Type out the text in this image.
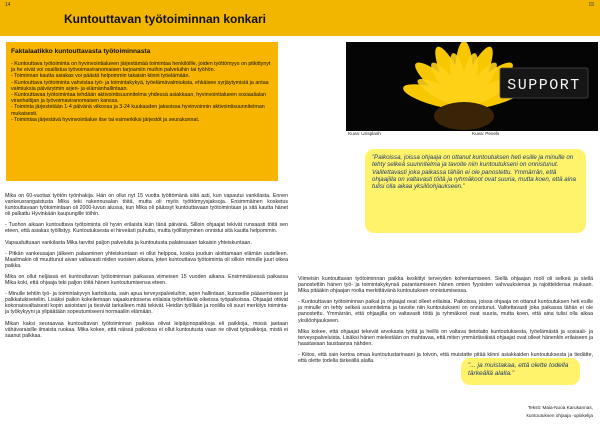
14	15
Kuntouttavan työtoiminnan konkari
Faktalaatikko kuntouttavasta työtoiminnasta
- Kuntouttava työtoiminta on hyvinvointialueen järjestämää toimintaa henkilöille, joiden työttömyys on pitkittynyt ja he eivät voi osallistua työvoimaviranomaisen tarjoamiin muihin palveluihin tai työhön.
- Toiminnan kautta asiakas voi päästä helpommin takaisin kiinni työelämään.
- Kuntouttava työtoiminta vahvistaa työ- ja toimintakykyä, työelämävalmiuksia, ehkäisee syrjäytymistä ja antaa valmiuksia päivärytmin arjen- ja elämänhallintaan.
- Kuntouttavaa työtoimintaa tehdään aktivointisuunnitelma yhdessä asiakkaan, hyvinvointialueen sosiaalialan viranhaltijan ja työvoimaviranomaisen kanssa.
- Toiminta järjestetään 1-4 päivänä viikossa ja 3-24 kuukauden jaksoissa hyvinvoinnin aktivointisuunnitelman mukaisesti.
- Toimintaa järjestävä hyvinvointialue itse tai esimerkiksi järjestöt ja seurakunnat.
SUPPORT
Kuva: Unsplash	Kuva: Pexels
”Paikoissa, joissa ohjaaja on ottanut kuntoutuksen heti esille ja minulle on tehty selkeä suunnitelma ja tavoite niin kuntoutukseni on onnistunut. Valitettavasti joka paikassa tähän ei ole panostettu. Ymmärrän, että ohjaajilla on valtavasti töitä ja ryhmäkoot ovat suuria, mutta koen, että aina tulisi olla aikaa yksilöohjaukseen.”

Mika on 60-vuotias työtön työnhakija. Hän on ollut nyt 15 vuotta työttömänä siitä asti, kun vapautui vankilasta. Ennen vankeusrangaistusta Mika teki rakennusalan töitä, mutta oli myös työttömyysjaksoja. Ensimmäinen kosketus kuntouttavaan työtoimintaan oli 2000-luvun alussa, kun Mika oli päässyt kuntouttavaan työtoimintaan ja sitä kautta hänet oli palkattu Hyvinkään kaupungille töihin.

- Tuohon aikaan kuntouttava työtoiminta oli hyvin erilaista kuin tänä päivänä. Silloin ohjaajat tekivät runsaasti töitä sen eteen, että asiakas työllistyy. Kuntoutuksesta ei hirveästi puhuttu, mutta työllistyminen onnistui sitä kautta helpommin.

Vapauduttuaan vankilasta Mika tarvitsi paljon palveluita ja kuntoutusta palatessaan takaisin yhteiskuntaan.

- Pitkän vankeusajan jälkeen palaaminen yhteiskuntaan ei ollut helppoa, koska jouduin aloittamaan elämän uudelleen. Maailmakin oli muuttunut aivan valtavasti niiden vuosien aikana, joten kuntouttava työtoiminta oli silloin minulle juuri oikea paikka.

Mika on ollut neljässä eri kuntouttavan työtoiminnan paikassa viimeisen 15 vuoden aikana. Ensimmäisessä paikassa Mika koki, että ohjaaja teki paljon töitä hänen kuntoutumisensa eteen.

- Minulle tehtiin työ- ja toimintakyvyn kartoitusta, sain apua terveyspalveluihin, arjen hallintaan, kursseille pääsemiseen ja palkkatukiseteliin. Lisäksi paikin kokeilemaan vajaakuntoisena erilaisia työtehtäviä oikeissa työpaikoissa. Ohjaajat ottivat kokonaisvaltaisesti kopin asioistani ja tiesivät tarkalleen mitä tekivät. Heidän työllään ja roolilla oli suuri merkitys toiminta- ja työkykyyni ja ylipäätään sopeutumiseeni normaaliin elämään.

Mikan kaksi seuraavaa kuntouttavan työtoiminnan paikkaa olivat leipäjonopaikkoja eli paikkoja, missä jaetaan vähävaraisille ilmaista ruokaa. Mika kokee, että näissä paikoissa ei ollut kuntoutusta vaan ne olivat työpaikkoja, mistä ei saanut palkkaa.

Viimeisin kuntouttavan työtoiminnan paikka keskittyi terveyden kohentamiseen. Siellä ohjaajan rooli oli selkeä ja siellä panostettiin hänen työ- ja toimintakykynsä parantamiseen hänen omien fyysisten vahvuuksiensa ja rajoitteidensa mukaan. Mika pitääkin ohjaajan roolia merkittävänä kuntoutuksen onnistumisessa.

- Kuntouttavan työtoiminnan paikat ja ohjaajat ovat olleet erilaisia. Paikoissa, joissa ohjaaja on ottanut kuntoutuksen heti esille ja minulle on tehty selkeä suunnitelma ja tavoite niin kuntoutukseni on onnistunut. Valitettavasti joka paikassa tähän ei ole panostettu. Ymmärrän, että ohjaajilla on valtavasti töitä ja ryhmäkoot ovat suuria, mutta koen, että aina tulisi olla aikaa yksilöohjaukseen.

Mika kokee, että ohjaajat tekevät arvokasta työtä ja heillä on valtava tietotaito kuntoutuksesta, työelämästä ja sosiaali- ja terveyspalveluista. Lisäksi hänen mielestään on mahtavaa, että miten ymmärtäväisiä ohjaajat ovat olleet hänenkin erilaiseen ja haastavaan taustaansa nähden.

- Kiitos, että sain kertoa omaa kuntoutustarinaani ja toivon, että muistatte pitää kiinni asiakkaiden kuntoutuksesta ja tiedätte, että olette todella tärkeällä alalla.

”... ja muistakaa, että olette todella tärkeällä alalla.”
Teksti: Maia-Nooa Karukannas,
kuntoutuksen ohjaaja -opiskelija
